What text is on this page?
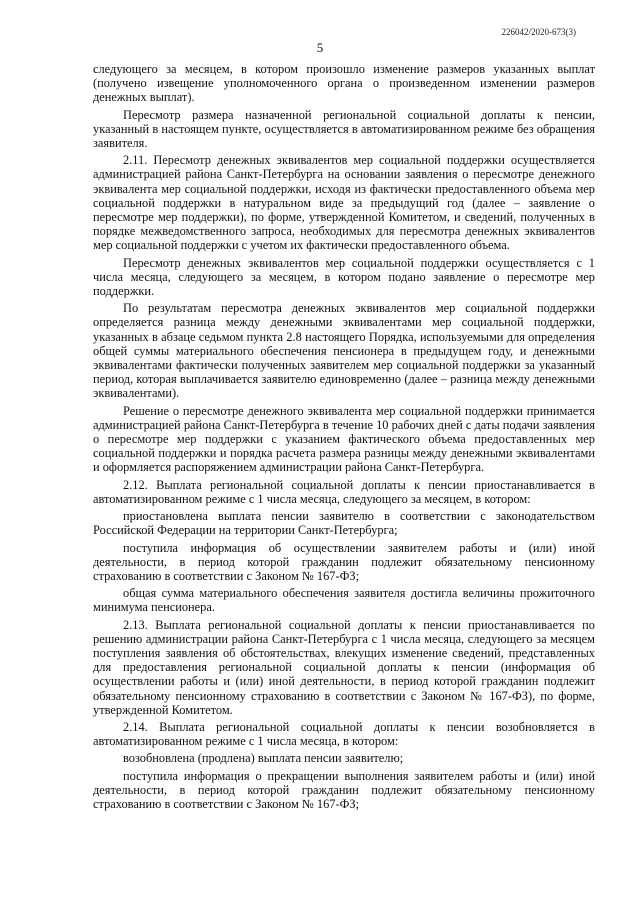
226042/2020-673(3)
5

следующего за месяцем, в котором произошло изменение размеров указанных выплат (получено извещение уполномоченного органа о произведенном изменении размеров денежных выплат).

Пересмотр размера назначенной региональной социальной доплаты к пенсии, указанный в настоящем пункте, осуществляется в автоматизированном режиме без обращения заявителя.

2.11. Пересмотр денежных эквивалентов мер социальной поддержки осуществляется администрацией района Санкт-Петербурга на основании заявления о пересмотре денежного эквивалента мер социальной поддержки, исходя из фактически предоставленного объема мер социальной поддержки в натуральном виде за предыдущий год (далее – заявление о пересмотре мер поддержки), по форме, утвержденной Комитетом, и сведений, полученных в порядке межведомственного запроса, необходимых для пересмотра денежных эквивалентов мер социальной поддержки с учетом их фактически предоставленного объема.

Пересмотр денежных эквивалентов мер социальной поддержки осуществляется с 1 числа месяца, следующего за месяцем, в котором подано заявление о пересмотре мер поддержки.

По результатам пересмотра денежных эквивалентов мер социальной поддержки определяется разница между денежными эквивалентами мер социальной поддержки, указанных в абзаце седьмом пункта 2.8 настоящего Порядка, используемыми для определения общей суммы материального обеспечения пенсионера в предыдущем году, и денежными эквивалентами фактически полученных заявителем мер социальной поддержки за указанный период, которая выплачивается заявителю единовременно (далее – разница между денежными эквивалентами).

Решение о пересмотре денежного эквивалента мер социальной поддержки принимается администрацией района Санкт-Петербурга в течение 10 рабочих дней с даты подачи заявления о пересмотре мер поддержки с указанием фактического объема предоставленных мер социальной поддержки и порядка расчета размера разницы между денежными эквивалентами и оформляется распоряжением администрации района Санкт-Петербурга.

2.12. Выплата региональной социальной доплаты к пенсии приостанавливается в автоматизированном режиме с 1 числа месяца, следующего за месяцем, в котором:

приостановлена выплата пенсии заявителю в соответствии с законодательством Российской Федерации на территории Санкт-Петербурга;

поступила информация об осуществлении заявителем работы и (или) иной деятельности, в период которой гражданин подлежит обязательному пенсионному страхованию в соответствии с Законом № 167-ФЗ;

общая сумма материального обеспечения заявителя достигла величины прожиточного минимума пенсионера.

2.13. Выплата региональной социальной доплаты к пенсии приостанавливается по решению администрации района Санкт-Петербурга с 1 числа месяца, следующего за месяцем поступления заявления об обстоятельствах, влекущих изменение сведений, представленных для предоставления региональной социальной доплаты к пенсии (информация об осуществлении работы и (или) иной деятельности, в период которой гражданин подлежит обязательному пенсионному страхованию в соответствии с Законом № 167-ФЗ), по форме, утвержденной Комитетом.

2.14. Выплата региональной социальной доплаты к пенсии возобновляется в автоматизированном режиме с 1 числа месяца, в котором:

возобновлена (продлена) выплата пенсии заявителю;

поступила информация о прекращении выполнения заявителем работы и (или) иной деятельности, в период которой гражданин подлежит обязательному пенсионному страхованию в соответствии с Законом № 167-ФЗ;
